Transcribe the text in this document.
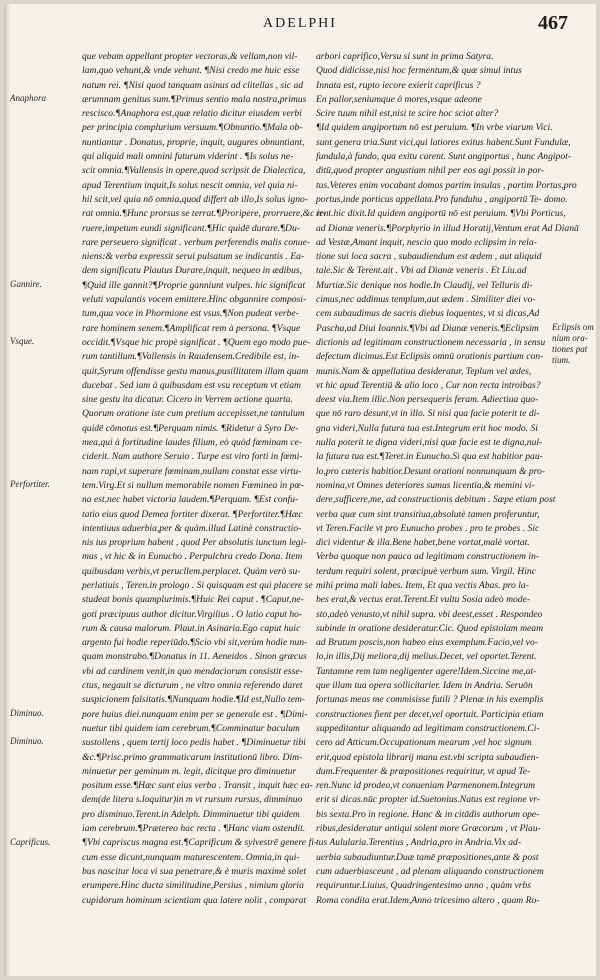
ADELPHI	467
que vebam appellant propter vectoras,& vellam,non vil-
lam,quo vehunt,& vnde vehunt. ¶Nisi credo me huic esse
natum rei. ¶Nisi quod tanquam asinus ad clitellas , sic ad
ærumnam genitus sum.¶Primus sentio mala nostra,primus
rescisco.¶Anaphora est,quæ relatio dicitur eiusdem verbi
per principia complurium versuum.¶Obnuntio.¶Mala ob-
nuntiantur . Donatus, proprie, inquit, augures obnuntiant,
qui aliquid mali omnini futurum viderint . ¶Is solus ne-
scit omnia.¶Vallensis in opere,quod scripsit de Dialectica,
apud Terentium inquit,Is solus nescit omnia, vel quia ni-
hil scit,vel quia nō omnia,quod differt ab illo,Is solus igno-
rat omnia.¶Hunc prorsus se terrat.¶Proripere, prorruere,&c ir-
ruere,impetum eundi significant.¶Hic quidē durare.¶Du-
rare perseuero significat . verbum perferendis malis conue-
niens:& verba expressit serui pulsatum se indicantis . Ea-
dem significatu Plautus Durare,inquit, nequeo in ædibus,
¶Quid ille gannit?¶Proprie ganniunt vulpes. hic significat
veluti vapulantis vocem emittere.Hinc obgannire composi-
tum,qua voce in Phormione est vsus.¶Non pudeat verbe-
rare hominem senem.¶Amplificat rem à persona. ¶Vsque
occidit.¶Vsque hic propè significat . ¶Quem ego modo pue-
rum tantillum.¶Vallensis in Raudensem.Credibile est, in-
quit,Syrum offendisse gestu manus,pusillitatem illam quam
ducebat . Sed iam à quibusdam est vsu receptum vt etiam
sine gestu ita dicatur. Cicero in Verrem actione quarta.
Quorum oratione iste cum pretium accepisset,ne tantulum
quidē cōmotus est.¶Perquam nimis. ¶Ridetur à Syro De-
mea,qui à fortitudine laudes filium, eò quòd fœminam ce-
ciderit. Nam authore Seruio . Turpe est viro forti in fœmi-
nam rapi,vt superare fœminam,nullam constat esse virtu-
tem.Virg.Et si nullum memorabile nomen Fœminea in pœ-
na est,nec habet victoria laudem.¶Perquam. ¶Est confu-
tatio eius quod Demea fortiter dixerat. ¶Perfortiter.¶Hæc
intentiuus aduerbia,per & quàm.illud Latinè constructio-
nis ius proprium habent , quod Per absolutis iunctum legi-
mus , vt hic & in Eunucho . Perpulchra credo Dona. Item
quibusdam verbis,vt perucllem.perplacet. Quàm verò su-
perlatiuis , Teren.in prologo . Si quisquam est qui placere se
studeat bonis quamplurimis.¶Huic Rei caput . ¶Caput,ne-
goti præcipuus author dicitur.Virgilius . O latio caput ho-
rum & causa malorum. Plaut.in Asinaria.Ego caput huic
argento fui hodie reperiūdo.¶Scio vbi sit,verùm hodie nun-
quam monstrabo.¶Donatus in 11. Aeneidos . Sinon græcus
vbi ad cardinem venit,in quo mendaciorum consistit esse-
ctus, negauit se dicturum , ne vltro omnia referendo daret
suspicionem falsitatis.¶Nunquam hodie.¶Id est,Nullo tem-
pore huius diei.nunquam enim per se generale est . ¶Dimi-
nuetur tibi quidem iam cerebrum.¶Comminatur baculum
sustollens , quem tertij loco pedis habet . ¶Diminuetur tibi
&c.¶Prisc.primo grammaticarum institutionū libro. Dim-
minuetur per geminum m. legit, dicitque pro diminuetur
positum esse.¶Hæc sunt eius verba . Transit , inquit hæc ea-
dem(de litera s.loquitur)in m vt rursum rursus, dimminuo
pro disminuo.Terent.in Adelph. Dimminuetur tibi quidem
iam cerebrum.¶Prætereo hac recta . ¶Hanc viam ostendit.
¶Vbi capriscus magna est.¶Caprificum & sylvestrē genere fi-
cum esse dicunt,nunquam maturescentem. Omnia,in qui-
bus nascitur loca vi sua penetrare,& è muris maximè solet
erumpere.Hinc ducta similitudine,Persius , nimium gloria
cupidorum hominum scientiam qua latere nolit , comparat
arbori caprifico,Versu si sunt in prima Satyra.
Quod didicisse,nisi hoc fermentum,& quæ simul intus
Innata est, rupto iecore exierit caprificus ?
En pallor,seniumque ô mores,vsque adeone
Scire tuum nihil est,nisi te scire hoc sciat alter?
¶Id quidem angiportum nō est peruium. ¶In vrbe viarum Vici.
sunt genera tria.Sunt vici,qui latiores exitus habent.Sunt Fundulæ,
fundula,à fundo, qua exitu carent. Sunt angiportus , hunc Angipot-
ditū,quod propter angustiam nihil per eos agi possit in por-
tus.Veteres enim vocabant domos partim insulas , partim Portus,pro
portus,inde porticus appellata.Pro funduhu , angiportū Te- domo.
rent.hic dixit.Id quidem angiportū nō est peruium. ¶Vbi Porticus,
ad Dianæ veneris.¶Porphyrio in illud Horatij,Ventum erat Ad Dianā
ad Vestæ,Amant inquit, nescio quo modo eclipsim in rela-
tione sui loca sacra , subaudiendum est ædem , aut aliquid
tale.Sic & Terent.ait . Vbi ad Dianæ veneris . Et Liu.ad
Murtiæ.Sic denique nos hodie.In Claudij, vel Telluris di-
cimus,nec addimus templum,aut ædem . Similiter diei vo-
cem subaudimus de sacris diebus loquentes, vt si dicas,Ad
Pascha,ad Diui Ioannis.¶Vbi ad Dianæ veneris.¶Eclipsim
dictionis ad legitimam constructionem necessaria , in sensu
defectum dicimus.Est Eclipsis omnū orationis partium con-
munis.Nam & appellatiua desideratur, Teplum vel ædes,
vt hic apud Terentiū & alio loco , Cur non recta introibas?
deest via.Item illic.Non persequeris feram. Adiectiua quo-
que nō raro desunt,vt in illo. Si nisi qua facie poterit te di-
gna videri,Nulla futura tua est.Integrum erit hoc modo. Si
nulla poterit te digna videri,nisi quæ facie est te digna,nul-
la futura tua est.¶Teret.in Eunucho.Si qua est habitior pau-
lo,pro cæteris habitior.Desunt orationi nonnunquam & pro-
nomina,vt Omnes deteriores sumus licentia,& memini vi-
dere,sufficere,me, ad constructionis debitum . Sæpe etiam post
verba quæ cum sint transitiua,absolutè tamen proferuntur,
vt Teren.Facile vt pro Eunucho probes . pro te probes . Sic
dici videntur & illa.Bene habet,bene vortat,malè vortat.
Verba quoque non pauca ad legitimam constructionem in-
terdum requiri solent, præcipuè verbum sum. Virgil. Hinc
mihi prima mali labes. Item, Et qua vectis Abas. pro la-
bes erat,& vectus erat.Terent.Et vultu Sosia adeò mode-
sto,adeò venusto,vt nihil supra. vbi deest,esset . Respondeo
subinde in oratione desideratur.Cic. Quod epistolam meam
ad Brutum poscis,non habeo eius exemplum.Facio,vel vo-
lo,in illis,Dij meliora,dij melius.Decet, vel oportet.Terent.
Tantamne rem tam negligenter agere!Idem.Siccine me,at-
que illam tua opera sollicitarier. Idem in Andria. Seruōn
fortunas meas me commisisse futili ? Plenæ in his exemplis
constructiones fient per decet,vel oportuit. Participia etiam
suppeditantur aliquando ad legitimam constructionem.Ci-
cero ad Atticum.Occupationum mearum ,vel hoc signum
erit,quod epistola librarij manu est.vbi scripta subaudien-
dum.Frequenter & præpositiones requiritur, vt apud Te-
ren.Nunc id prodeo,vt conueniam Parmenonem.Integrum
erit si dicas.nūc propter id.Suetonius.Natus est regione vr-
bis sexta.Pro in regione. Hanc & in citādis authorum ope-
ribus,desideratur antiqui solent more Græcorum , vt Plau-
tus Aulularia.Terentius , Andria,pro in Andria.Vix ad-
uerbia subaudiuntur.Duæ tamē præpositiones,ante & post
cum aduerbiasceunt , ad plenam aliquando constructionem
requiruntur.Liuius, Quadringentesimo anno , quàm vrbs
Roma condita erat.Idem,Anno tricesimo altero , quam Ro-
Anaphora
Gannire.
Vsque.
Perfortiter.
Diminuo.
Diminuo.
Caprificus.
Eclipsis om nium ora- tiones pat tium.
